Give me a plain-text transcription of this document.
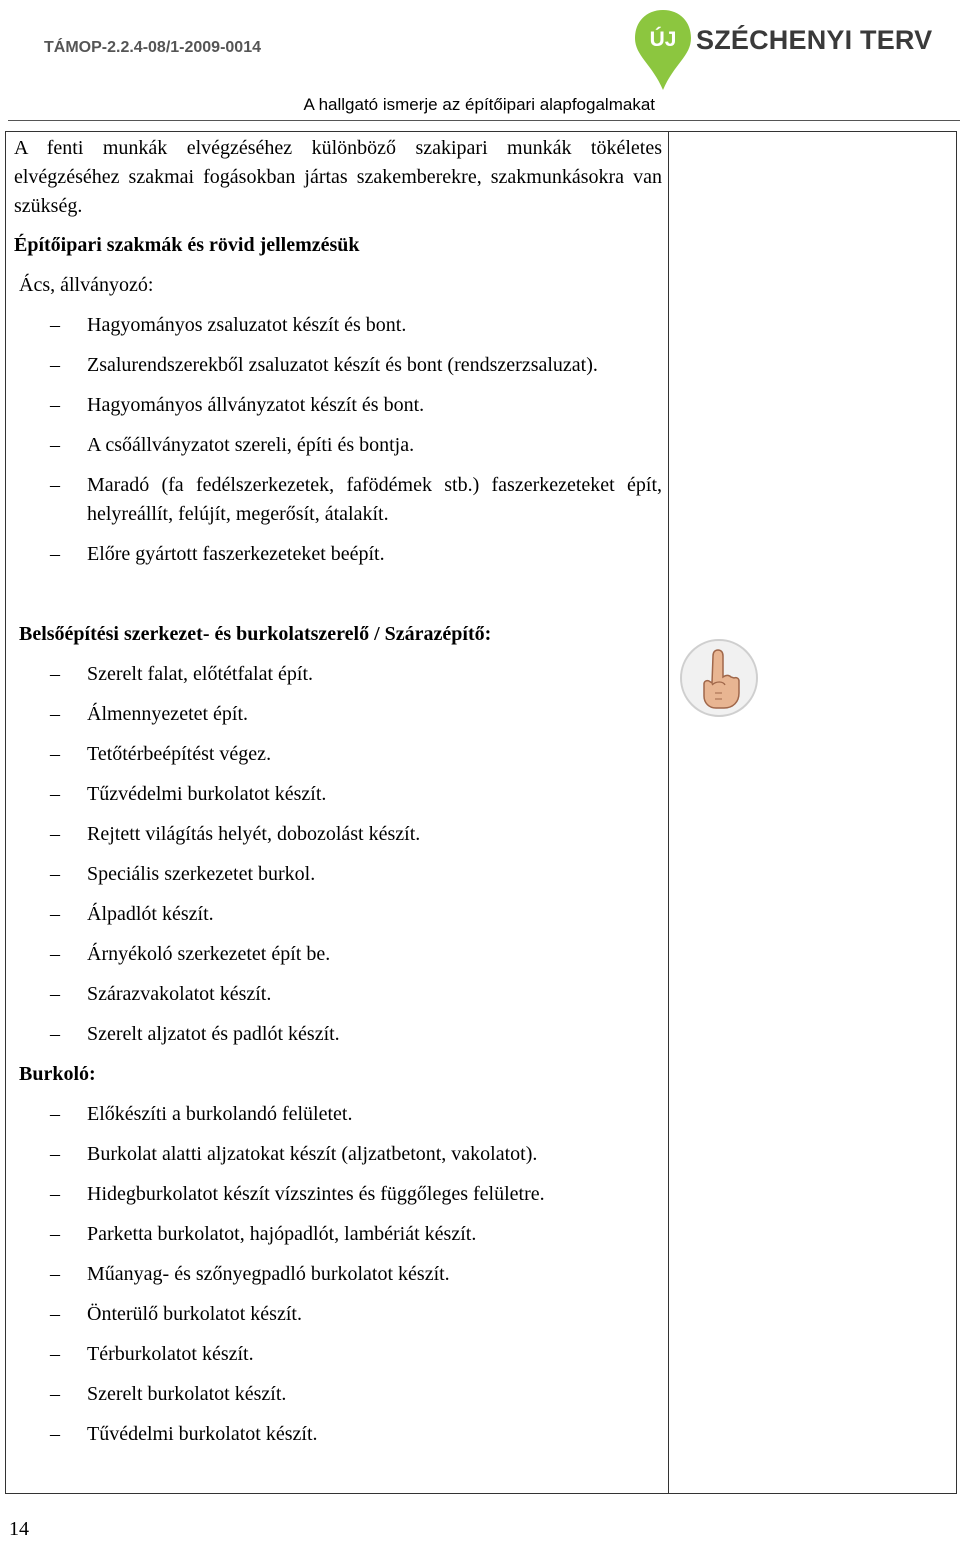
TÁMOP-2.2.4-08/1-2009-0014	ÚJ SZÉCHENYI TERV
A hallgató ismerje az építőipari alapfogalmakat

A fenti munkák elvégzéséhez különböző szakipari munkák tökéletes elvégzéséhez szakmai fogásokban jártas szakemberekre, szakmunkásokra van szükség.

Építőipari szakmák és rövid jellemzésük

Ács, állványozó:

– Hagyományos zsaluzatot készít és bont.

– Zsalurendszerekből zsaluzatot készít és bont (rendszerzsaluzat).

– Hagyományos állványzatot készít és bont.

– A csőállványzatot szereli, építi és bontja.

– Maradó (fa fedélszerkezetek, fafödémek stb.) faszerkezeteket épít, helyreállít, felújít, megerősít, átalakít.

– Előre gyártott faszerkezeteket beépít.

Belsőépítési szerkezet- és burkolatszerelő / Szárazépítő:

– Szerelt falat, előtétfalat épít.

– Álmennyezetet épít.

– Tetőtérbeépítést végez.

– Tűzvédelmi burkolatot készít.

– Rejtett világítás helyét, dobozolást készít.

– Speciális szerkezetet burkol.

– Álpadlót készít.

– Árnyékoló szerkezetet épít be.

– Szárazvakolatot készít.

– Szerelt aljzatot és padlót készít.

Burkoló:

– Előkészíti a burkolandó felületet.

– Burkolat alatti aljzatokat készít (aljzatbetont, vakolatot).

– Hidegburkolatot készít vízszintes és függőleges felületre.

– Parketta burkolatot, hajópadlót, lambériát készít.

– Műanyag- és szőnyegpadló burkolatot készít.

– Önterülő burkolatot készít.

– Térburkolatot készít.

– Szerelt burkolatot készít.

– Tűvédelmi burkolatot készít.

14
